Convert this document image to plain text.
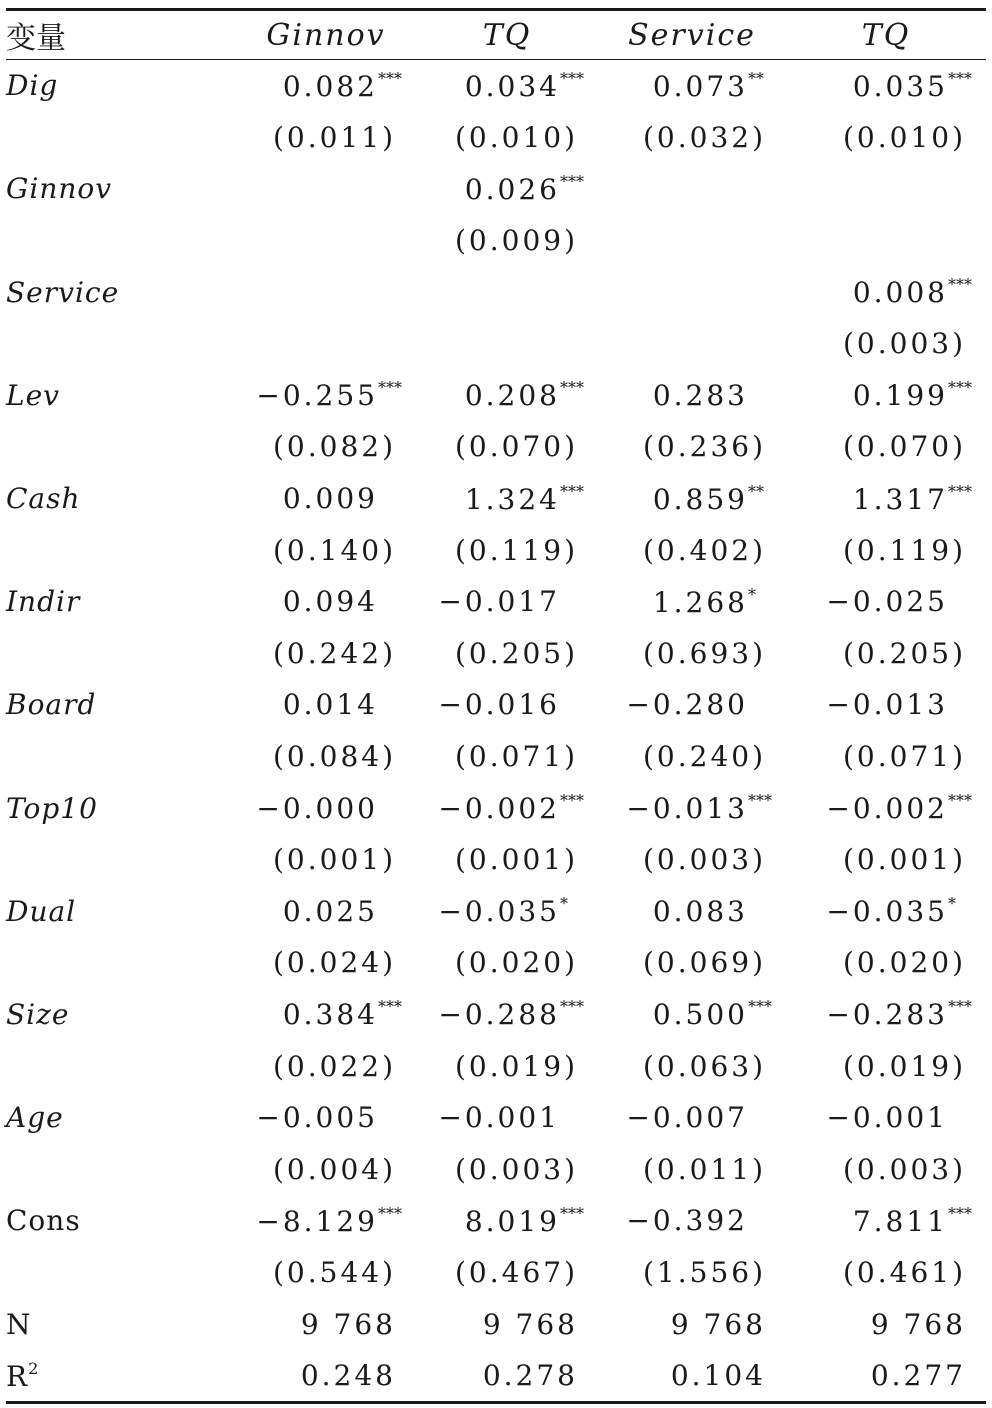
变量	Ginnov	TQ	Service	TQ
Dig	0.082***	0.034***	0.073**	0.035***
	(0.011)	(0.010)	(0.032)	(0.010)
Ginnov		0.026***		
		(0.009)		
Service				0.008***
				(0.003)
Lev	−0.255***	0.208***	0.283	0.199***
	(0.082)	(0.070)	(0.236)	(0.070)
Cash	0.009	1.324***	0.859**	1.317***
	(0.140)	(0.119)	(0.402)	(0.119)
Indir	0.094	−0.017	1.268*	−0.025
	(0.242)	(0.205)	(0.693)	(0.205)
Board	0.014	−0.016	−0.280	−0.013
	(0.084)	(0.071)	(0.240)	(0.071)
Top10	−0.000	−0.002***	−0.013***	−0.002***
	(0.001)	(0.001)	(0.003)	(0.001)
Dual	0.025	−0.035*	0.083	−0.035*
	(0.024)	(0.020)	(0.069)	(0.020)
Size	0.384***	−0.288***	0.500***	−0.283***
	(0.022)	(0.019)	(0.063)	(0.019)
Age	−0.005	−0.001	−0.007	−0.001
	(0.004)	(0.003)	(0.011)	(0.003)
Cons	−8.129***	8.019***	−0.392	7.811***
	(0.544)	(0.467)	(1.556)	(0.461)
N	9 768	9 768	9 768	9 768
$R^2$	0.248	0.278	0.104	0.277
